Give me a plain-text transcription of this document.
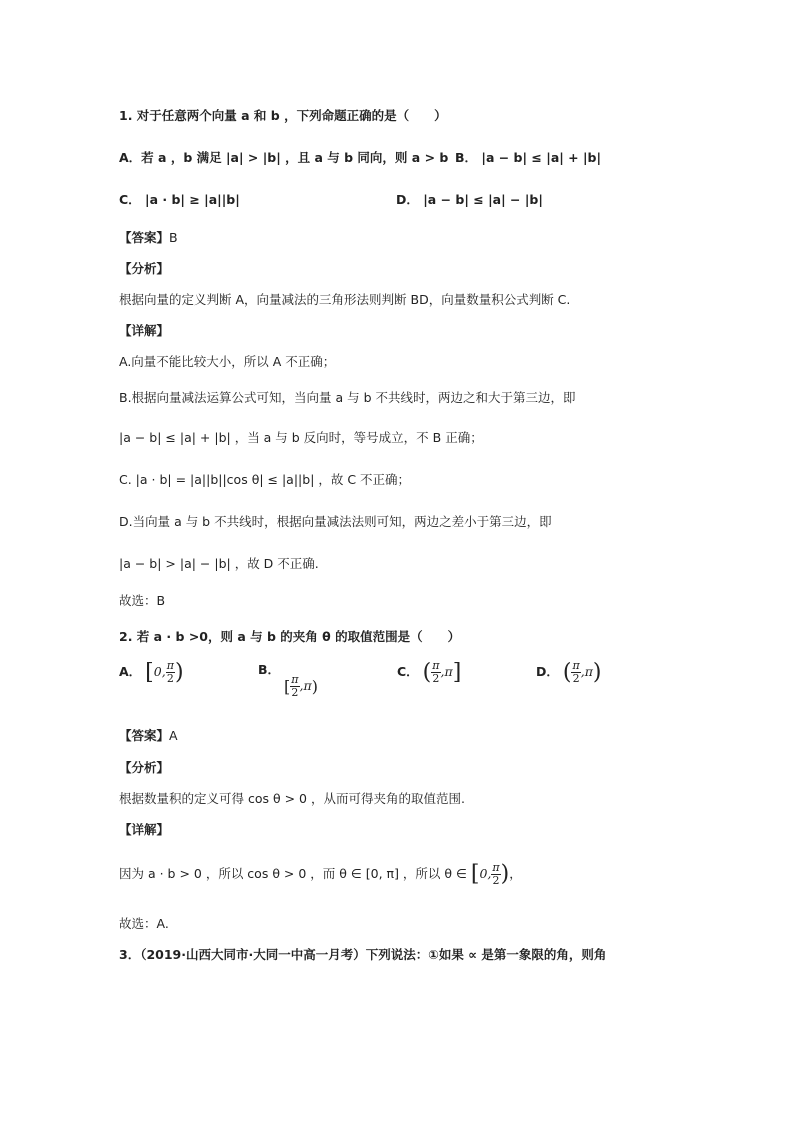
1. 对于任意两个向量 a 和 b ，下列命题正确的是（　　）
A．若 a ，b 满足 |a| > |b| ，且 a 与 b 同向，则 a > b B． |a − b| ≤ |a| + |b|
C． |a · b| ≥ |a||b|	D． |a − b| ≤ |a| − |b|
【答案】B
【分析】
根据向量的定义判断 A，向量减法的三角形法则判断 BD，向量数量积公式判断 C.
【详解】
A.向量不能比较大小，所以 A 不正确；
B.根据向量减法运算公式可知，当向量 a 与 b 不共线时，两边之和大于第三边，即
|a − b| ≤ |a| + |b| ，当 a 与 b 反向时，等号成立，不 B 正确；
C. |a · b| = |a||b||cos θ| ≤ |a||b| ，故 C 不正确；
D.当向量 a 与 b 不共线时，根据向量减法法则可知，两边之差小于第三边，即
|a − b| > |a| − |b| ，故 D 不正确.
故选：B
2. 若 a · b >0，则 a 与 b 的夹角 θ 的取值范围是（　　）
A． [0, $\frac{\pi}{2}$ )	B． [ $\frac{\pi}{2} ,\pi$)
C． ( $\frac{\pi}{2} ,\pi$]	D． ( $\frac{\pi}{2} ,\pi$)
【答案】A
【分析】
根据数量积的定义可得 cos θ > 0 ，从而可得夹角的取值范围.
【详解】
因为 a · b > 0 ，所以 cos θ > 0 ，而 θ ∈ [0, π] ，所以 θ ∈ [0, $\frac{\pi}{2}$ )，
故选：A.
3．（2019·山西大同市·大同一中高一月考）下列说法：①如果 ∝ 是第一象限的角，则角
